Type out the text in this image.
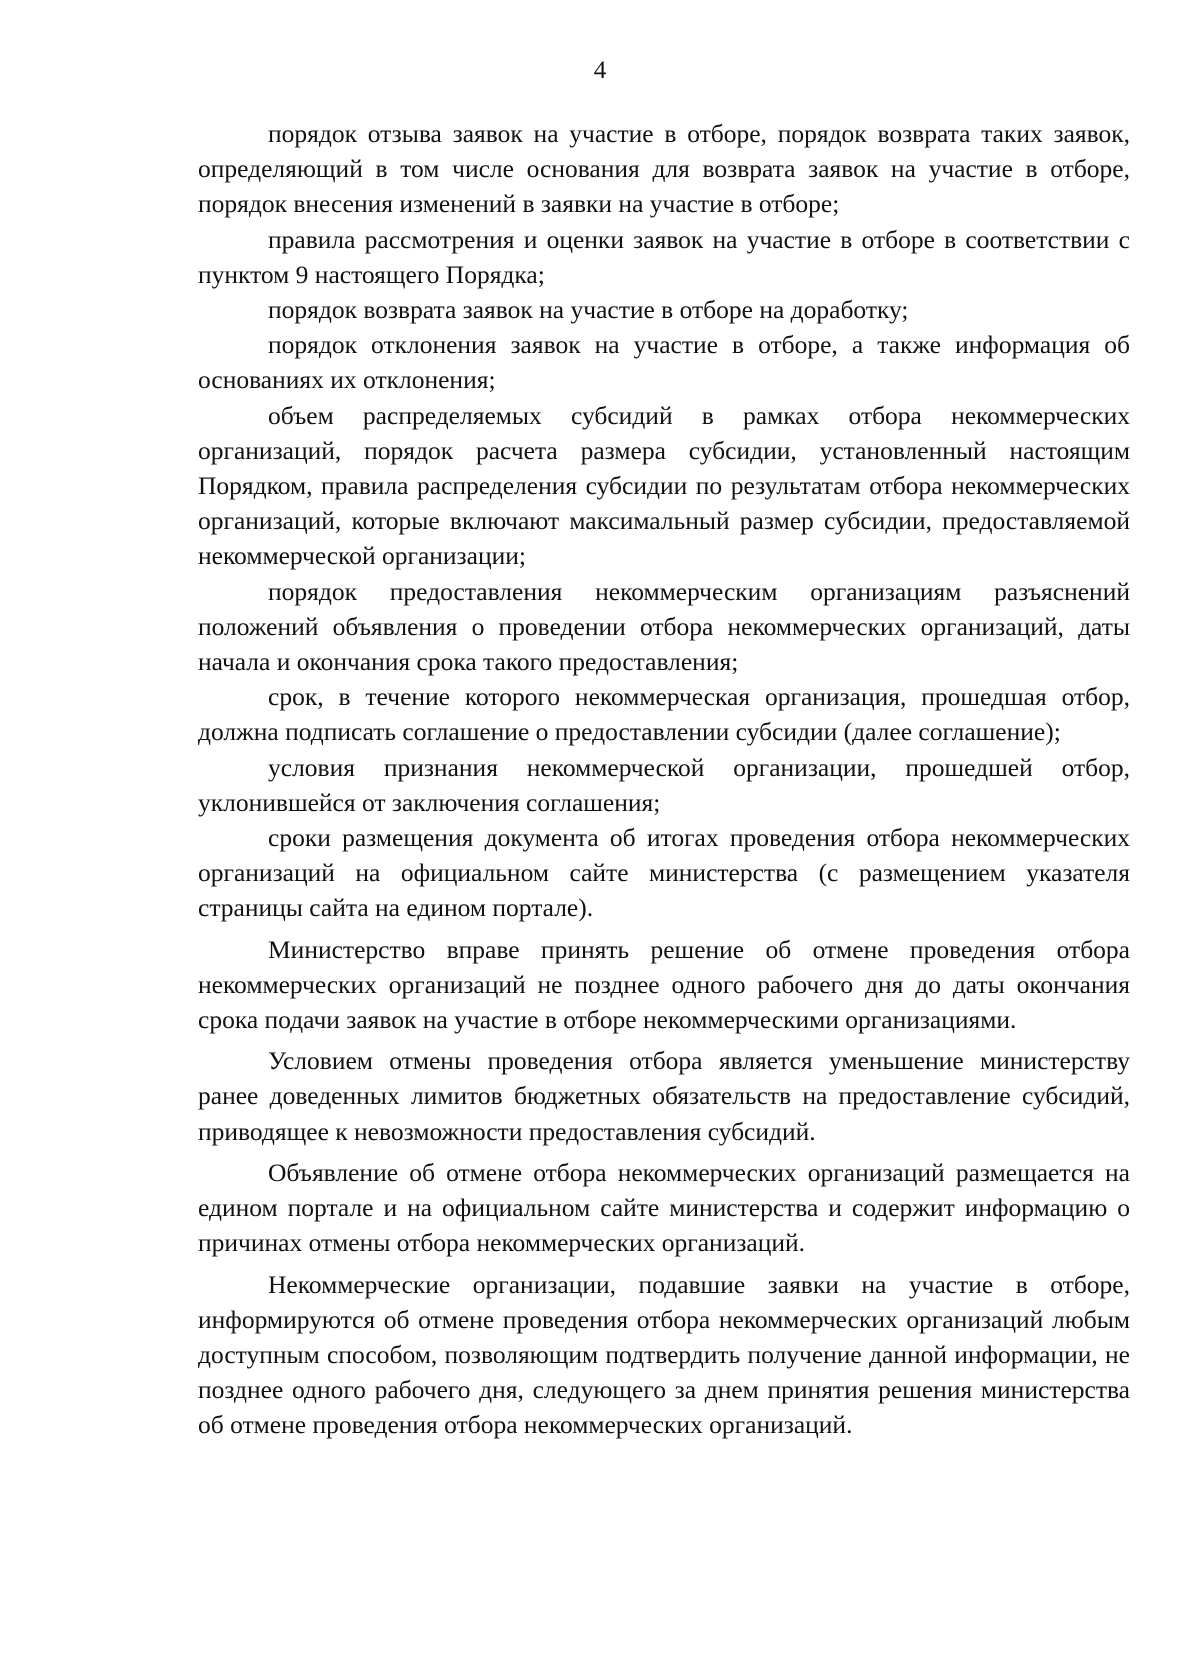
4

порядок отзыва заявок на участие в отборе, порядок возврата таких заявок, определяющий в том числе основания для возврата заявок на участие в отборе, порядок внесения изменений в заявки на участие в отборе;

правила рассмотрения и оценки заявок на участие в отборе в соответствии с пунктом 9 настоящего Порядка;

порядок возврата заявок на участие в отборе на доработку;

порядок отклонения заявок на участие в отборе, а также информация об основаниях их отклонения;

объем распределяемых субсидий в рамках отбора некоммерческих организаций, порядок расчета размера субсидии, установленный настоящим Порядком, правила распределения субсидии по результатам отбора некоммерческих организаций, которые включают максимальный размер субсидии, предоставляемой некоммерческой организации;

порядок предоставления некоммерческим организациям разъяснений положений объявления о проведении отбора некоммерческих организаций, даты начала и окончания срока такого предоставления;

срок, в течение которого некоммерческая организация, прошедшая отбор, должна подписать соглашение о предоставлении субсидии (далее соглашение);

условия признания некоммерческой организации, прошедшей отбор, уклонившейся от заключения соглашения;

сроки размещения документа об итогах проведения отбора некоммерческих организаций на официальном сайте министерства (с размещением указателя страницы сайта на едином портале).

Министерство вправе принять решение об отмене проведения отбора некоммерческих организаций не позднее одного рабочего дня до даты окончания срока подачи заявок на участие в отборе некоммерческими организациями.

Условием отмены проведения отбора является уменьшение министерству ранее доведенных лимитов бюджетных обязательств на предоставление субсидий, приводящее к невозможности предоставления субсидий.

Объявление об отмене отбора некоммерческих организаций размещается на едином портале и на официальном сайте министерства и содержит информацию о причинах отмены отбора некоммерческих организаций.

Некоммерческие организации, подавшие заявки на участие в отборе, информируются об отмене проведения отбора некоммерческих организаций любым доступным способом, позволяющим подтвердить получение данной информации, не позднее одного рабочего дня, следующего за днем принятия решения министерства об отмене проведения отбора некоммерческих организаций.
